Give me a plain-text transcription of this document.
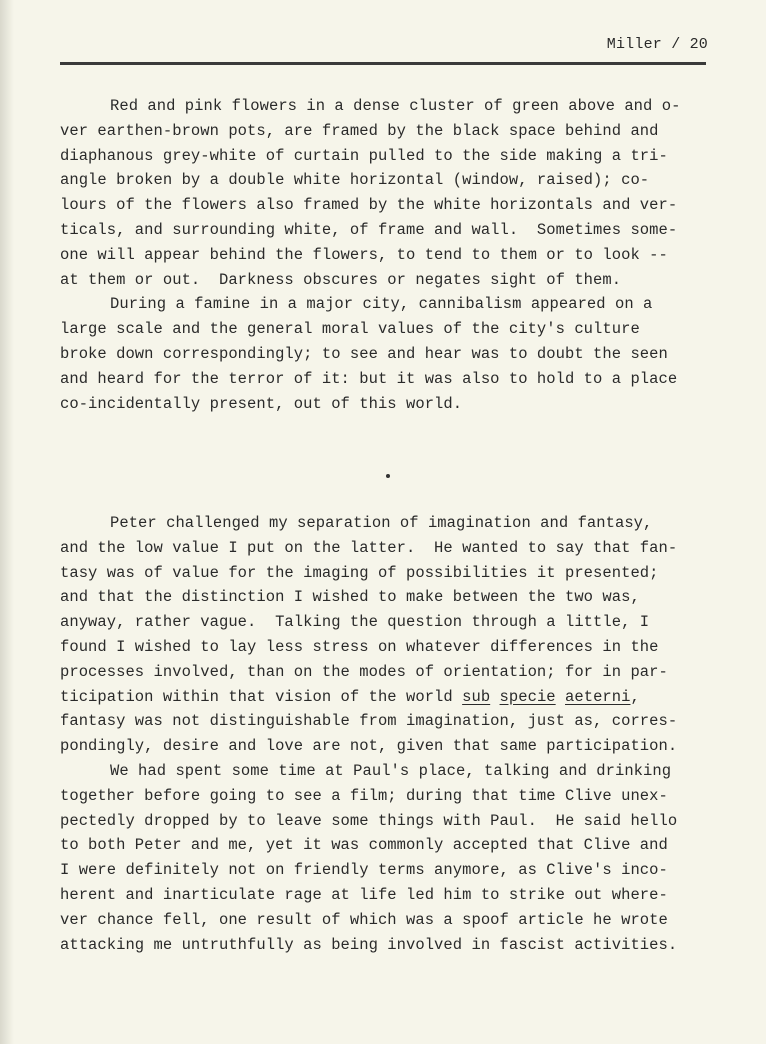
Miller / 20
Red and pink flowers in a dense cluster of green above and o-
ver earthen-brown pots, are framed by the black space behind and
diaphanous grey-white of curtain pulled to the side making a tri-
angle broken by a double white horizontal (window, raised); co-
lours of the flowers also framed by the white horizontals and ver-
ticals, and surrounding white, of frame and wall.  Sometimes some-
one will appear behind the flowers, to tend to them or to look --
at them or out.  Darkness obscures or negates sight of them.
During a famine in a major city, cannibalism appeared on a
large scale and the general moral values of the city's culture
broke down correspondingly; to see and hear was to doubt the seen
and heard for the terror of it: but it was also to hold to a place
co-incidentally present, out of this world.
Peter challenged my separation of imagination and fantasy,
and the low value I put on the latter.  He wanted to say that fan-
tasy was of value for the imaging of possibilities it presented;
and that the distinction I wished to make between the two was,
anyway, rather vague.  Talking the question through a little, I
found I wished to lay less stress on whatever differences in the
processes involved, than on the modes of orientation; for in par-
ticipation within that vision of the world sub specie aeterni,
fantasy was not distinguishable from imagination, just as, corres-
pondingly, desire and love are not, given that same participation.
We had spent some time at Paul's place, talking and drinking
together before going to see a film; during that time Clive unex-
pectedly dropped by to leave some things with Paul.  He said hello
to both Peter and me, yet it was commonly accepted that Clive and
I were definitely not on friendly terms anymore, as Clive's inco-
herent and inarticulate rage at life led him to strike out where-
ver chance fell, one result of which was a spoof article he wrote
attacking me untruthfully as being involved in fascist activities.
